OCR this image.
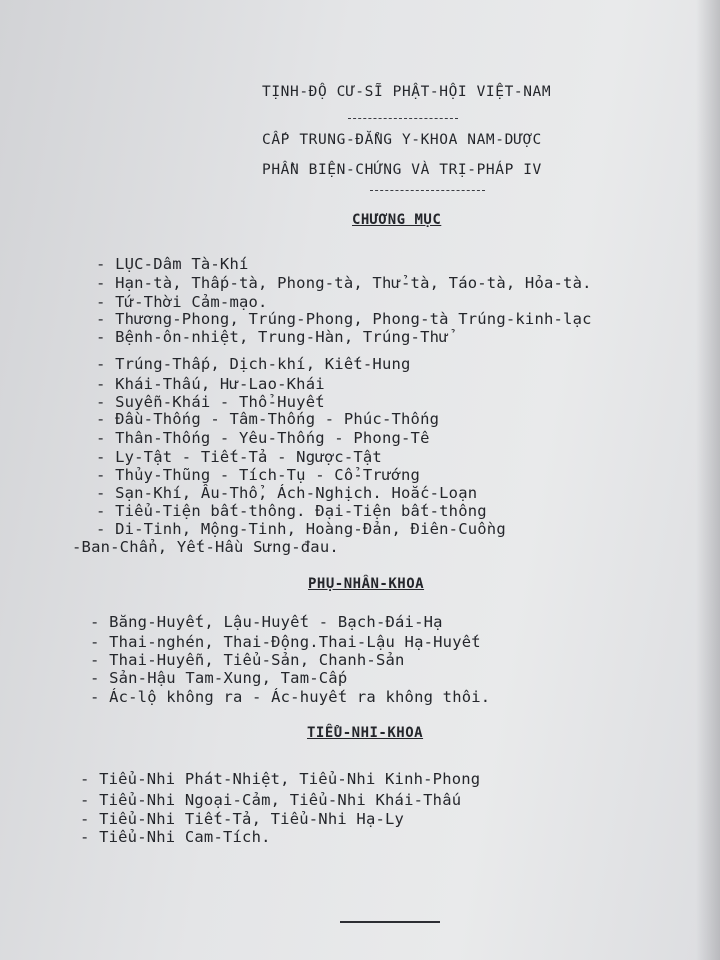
TỊNH-ĐỘ CƯ-SĨ PHẬT-HỘI VIỆT-NAM
CẤP TRUNG-ĐẲNG Y-KHOA NAM-DƯỢC
PHẦN BIỆN-CHỨNG VÀ TRỊ-PHÁP IV
CHƯƠNG MỤC
- LỤC-Dâm Tà-Khí
- Hạn-tà, Thấp-tà, Phong-tà, Thử-tà, Táo-tà, Hỏa-tà.
- Tứ-Thời Cảm-mạo.
- Thương-Phong, Trúng-Phong, Phong-tà Trúng-kinh-lạc
- Bệnh-ôn-nhiệt, Trung-Hàn, Trúng-Thử
- Trúng-Thấp, Dịch-khí, Kiết-Hung
- Khái-Thấu, Hư-Lao-Khái
- Suyễn-Khái - Thổ-Huyết
- Đầu-Thống - Tâm-Thống - Phúc-Thống
- Thân-Thống - Yêu-Thống - Phong-Tê
- Ly-Tật - Tiết-Tả - Ngược-Tật
- Thủy-Thũng - Tích-Tụ - Cổ-Trướng
- Sạn-Khí, Âu-Thổ, Ách-Nghịch. Hoắc-Loạn
- Tiểu-Tiện bất-thông. Đại-Tiện bất-thông
- Di-Tinh, Mộng-Tinh, Hoàng-Đản, Điên-Cuồng
-Ban-Chẩn, Yết-Hầu Sưng-đau.
PHỤ-NHÂN-KHOA
- Băng-Huyết, Lậu-Huyết - Bạch-Đái-Hạ
- Thai-nghén, Thai-Động.Thai-Lậu Hạ-Huyết
- Thai-Huyễn, Tiểu-Sản, Chanh-Sản
- Sản-Hậu Tam-Xung, Tam-Cấp
- Ác-lộ không ra - Ác-huyết ra không thôi.
TIỂU-NHI-KHOA
- Tiểu-Nhi Phát-Nhiệt, Tiểu-Nhi Kinh-Phong
- Tiểu-Nhi Ngoại-Cảm, Tiểu-Nhi Khái-Thấu
- Tiểu-Nhi Tiết-Tả, Tiểu-Nhi Hạ-Ly
- Tiểu-Nhi Cam-Tích.
